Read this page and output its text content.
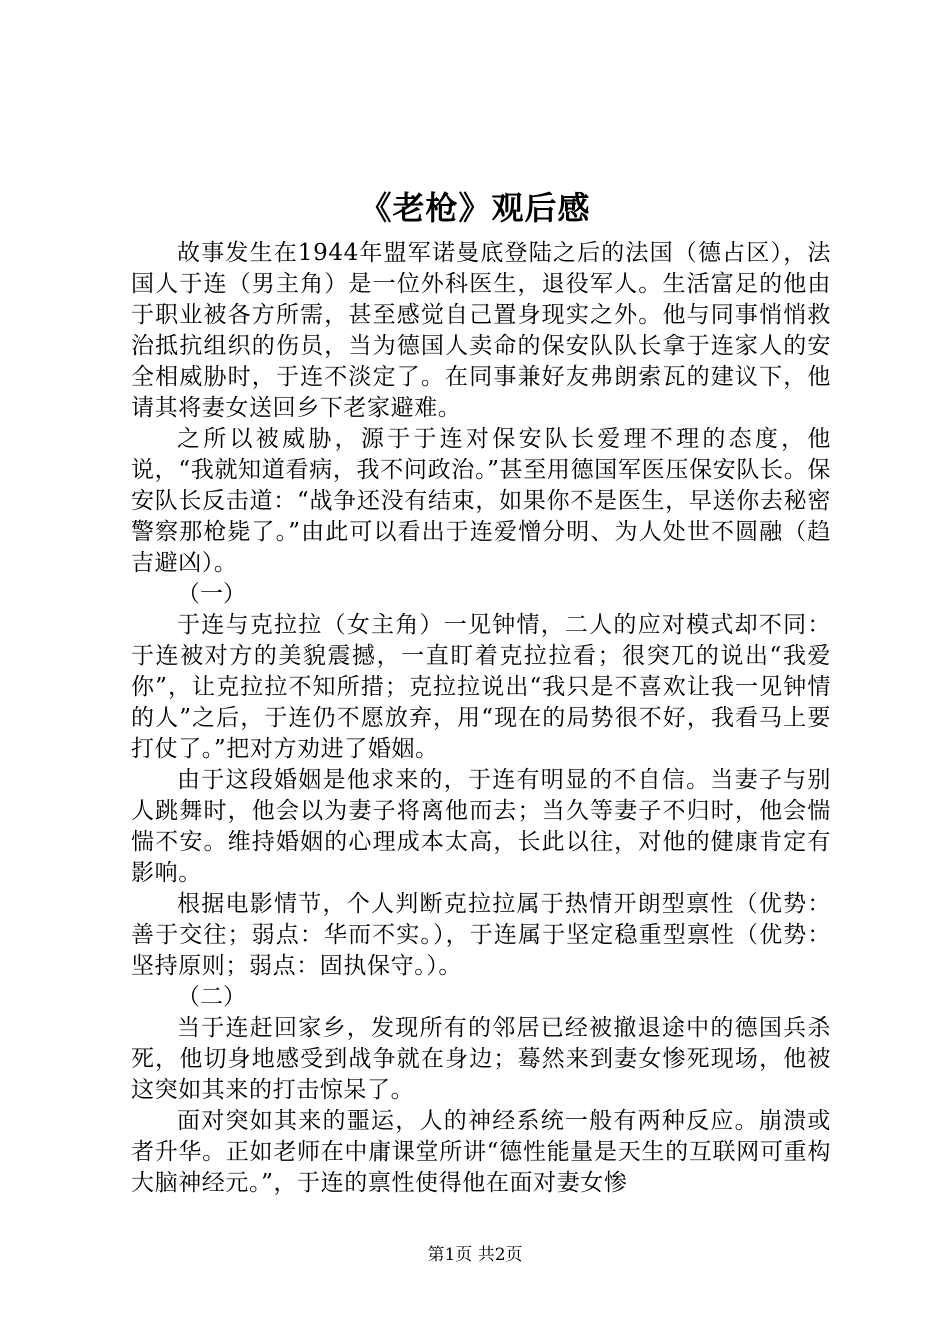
《老枪》观后感

故事发生在1944年盟军诺曼底登陆之后的法国（德占区），法国人于连（男主角）是一位外科医生，退役军人。生活富足的他由于职业被各方所需，甚至感觉自己置身现实之外。他与同事悄悄救治抵抗组织的伤员，当为德国人卖命的保安队队长拿于连家人的安全相威胁时，于连不淡定了。在同事兼好友弗朗索瓦的建议下，他请其将妻女送回乡下老家避难。

之所以被威胁，源于于连对保安队长爱理不理的态度，他说，“我就知道看病，我不问政治。”甚至用德国军医压保安队长。保安队长反击道：“战争还没有结束，如果你不是医生，早送你去秘密警察那枪毙了。”由此可以看出于连爱憎分明、为人处世不圆融（趋吉避凶）。

（一）

于连与克拉拉（女主角）一见钟情，二人的应对模式却不同：于连被对方的美貌震撼，一直盯着克拉拉看；很突兀的说出“我爱你”，让克拉拉不知所措；克拉拉说出“我只是不喜欢让我一见钟情的人”之后，于连仍不愿放弃，用“现在的局势很不好，我看马上要打仗了。”把对方劝进了婚姻。

由于这段婚姻是他求来的，于连有明显的不自信。当妻子与别人跳舞时，他会以为妻子将离他而去；当久等妻子不归时，他会惴惴不安。维持婚姻的心理成本太高，长此以往，对他的健康肯定有影响。

根据电影情节，个人判断克拉拉属于热情开朗型禀性（优势：善于交往；弱点：华而不实。），于连属于坚定稳重型禀性（优势：坚持原则；弱点：固执保守。）。

（二）

当于连赶回家乡，发现所有的邻居已经被撤退途中的德国兵杀死，他切身地感受到战争就在身边；蓦然来到妻女惨死现场，他被这突如其来的打击惊呆了。

面对突如其来的噩运，人的神经系统一般有两种反应。崩溃或者升华。正如老师在中庸课堂所讲“德性能量是天生的互联网可重构大脑神经元。”，于连的禀性使得他在面对妻女惨

第1页 共2页
